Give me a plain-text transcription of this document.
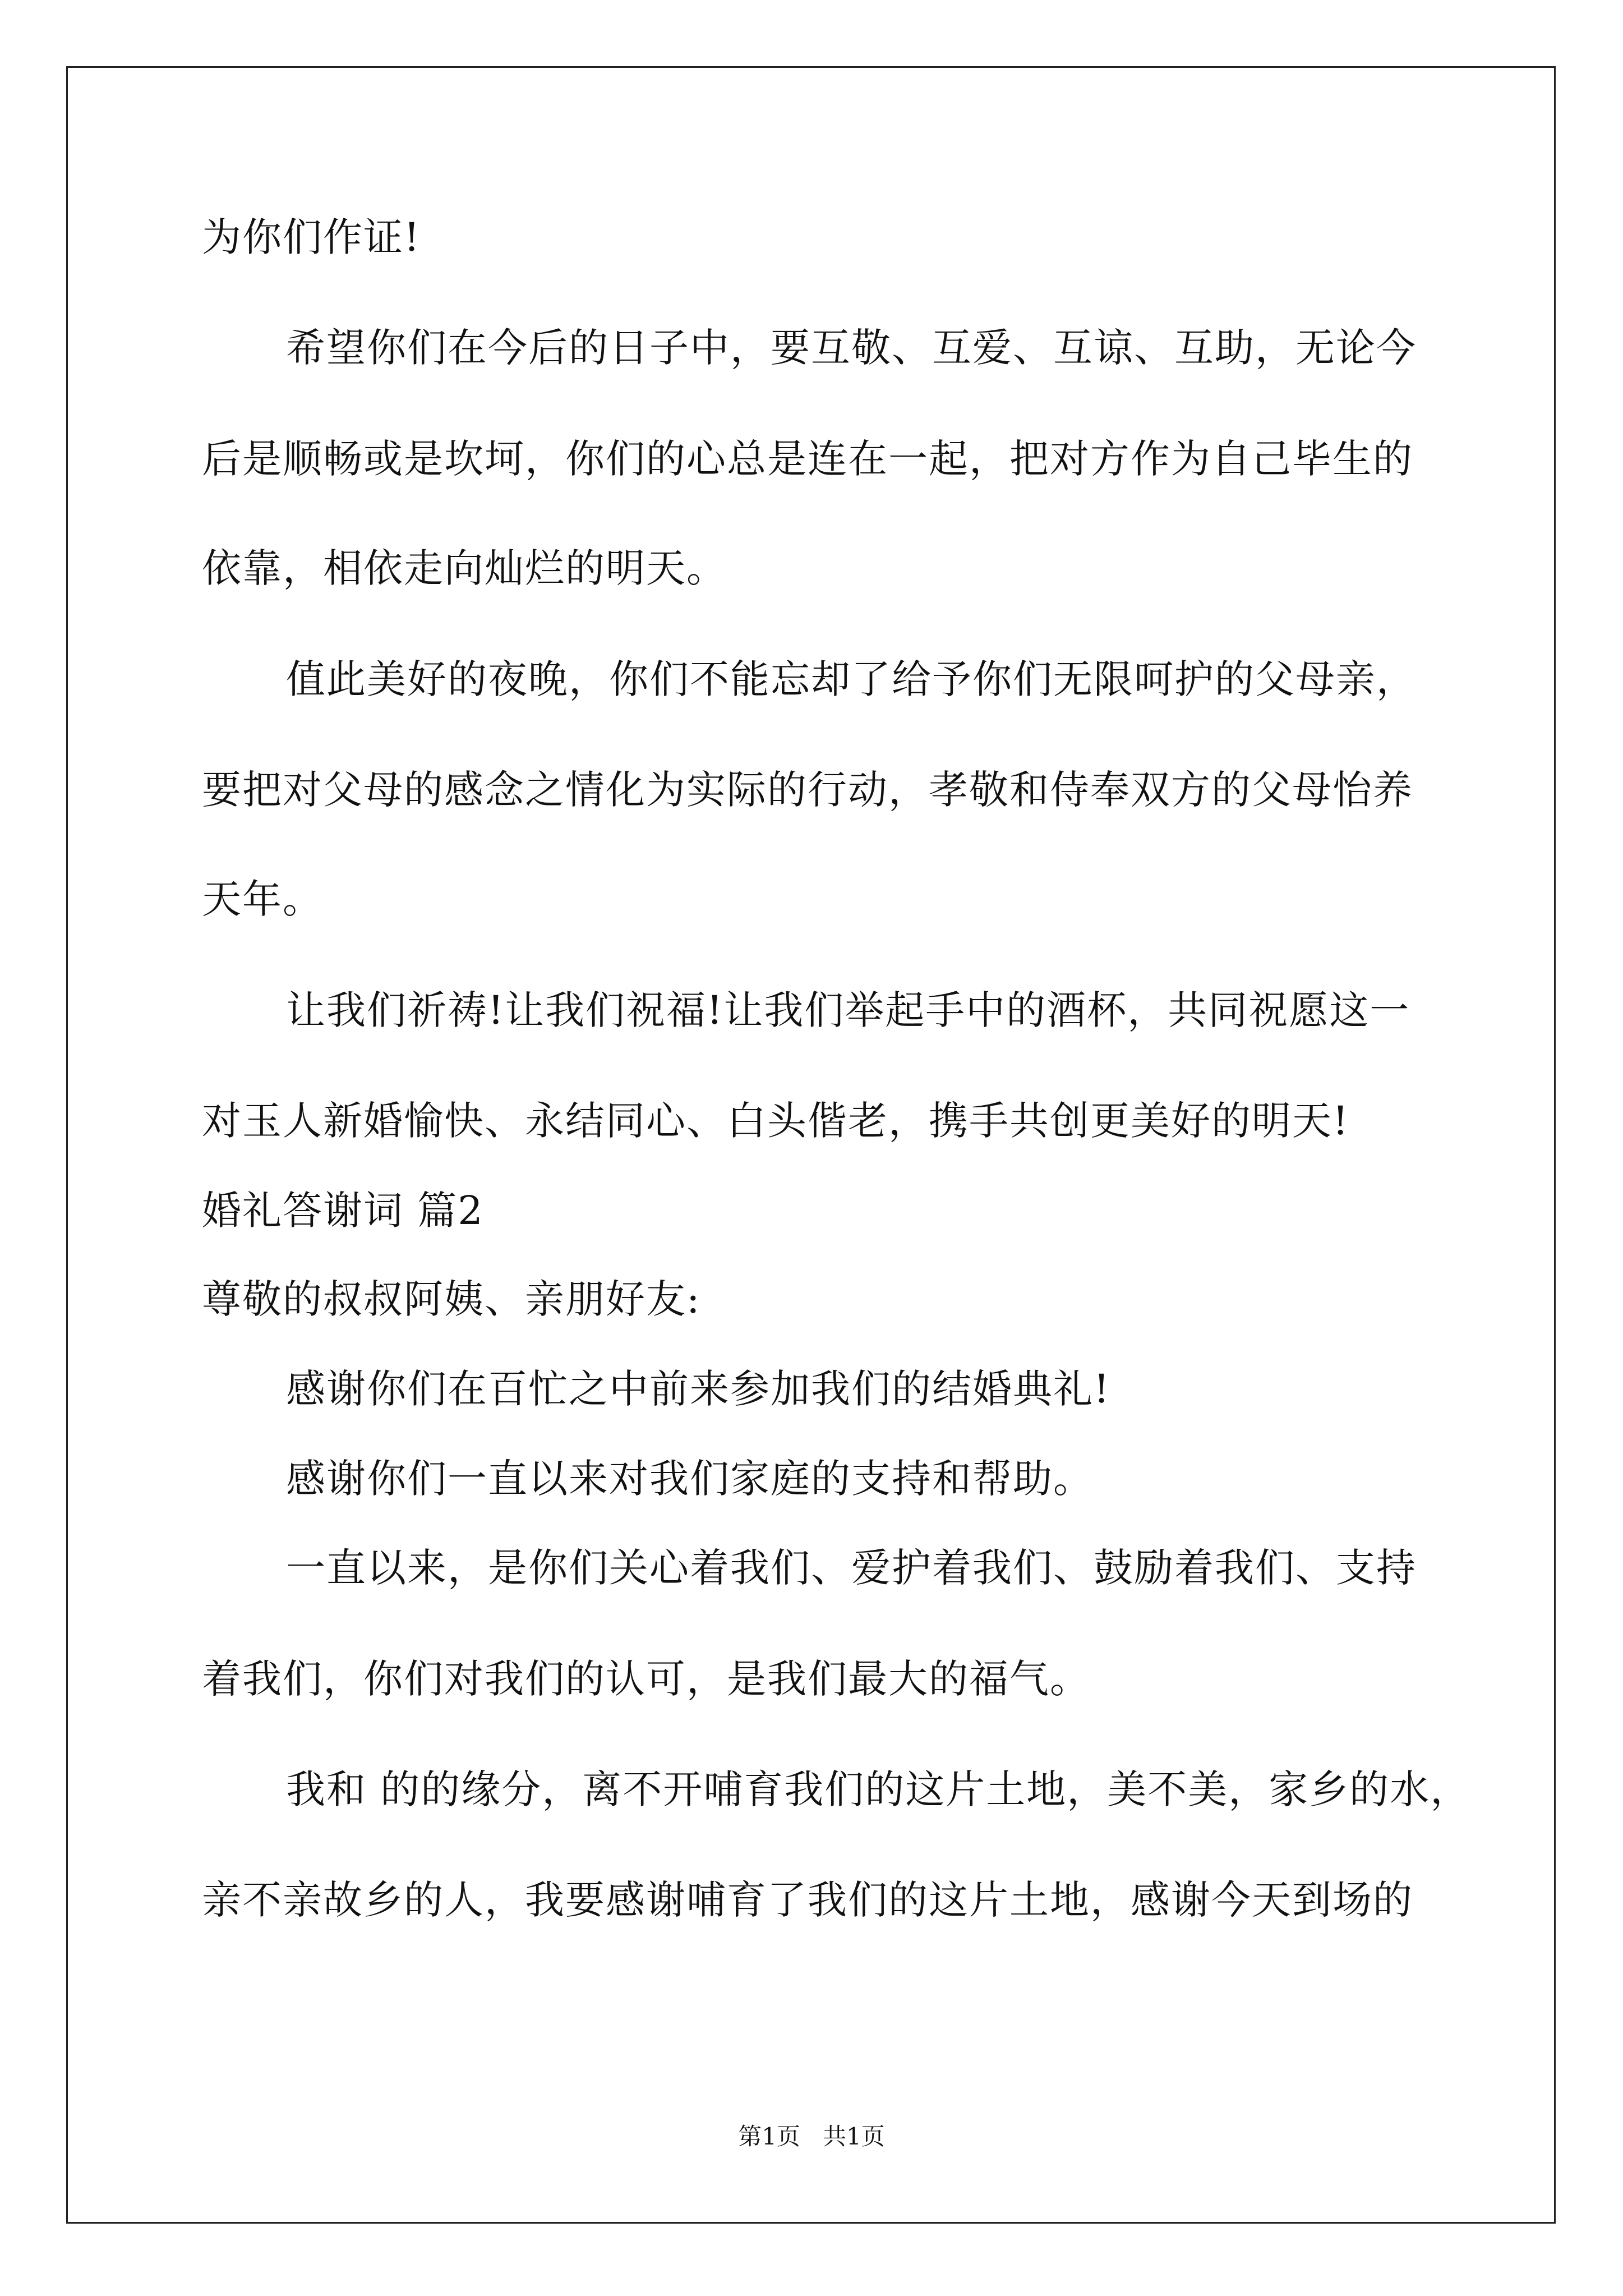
为你们作证!
希望你们在今后的日子中，要互敬、互爱、互谅、互助，无论今
后是顺畅或是坎坷，你们的心总是连在一起，把对方作为自己毕生的
依靠，相依走向灿烂的明天。
值此美好的夜晚，你们不能忘却了给予你们无限呵护的父母亲，
要把对父母的感念之情化为实际的行动，孝敬和侍奉双方的父母怡养
天年。
让我们祈祷!让我们祝福!让我们举起手中的酒杯，共同祝愿这一
对玉人新婚愉快、永结同心、白头偕老，携手共创更美好的明天!
婚礼答谢词 篇2
尊敬的叔叔阿姨、亲朋好友:
感谢你们在百忙之中前来参加我们的结婚典礼!
感谢你们一直以来对我们家庭的支持和帮助。
一直以来，是你们关心着我们、爱护着我们、鼓励着我们、支持
着我们，你们对我们的认可，是我们最大的福气。
我和 的的缘分，离不开哺育我们的这片土地，美不美，家乡的水，
亲不亲故乡的人，我要感谢哺育了我们的这片土地，感谢今天到场的
第1页   共1页
